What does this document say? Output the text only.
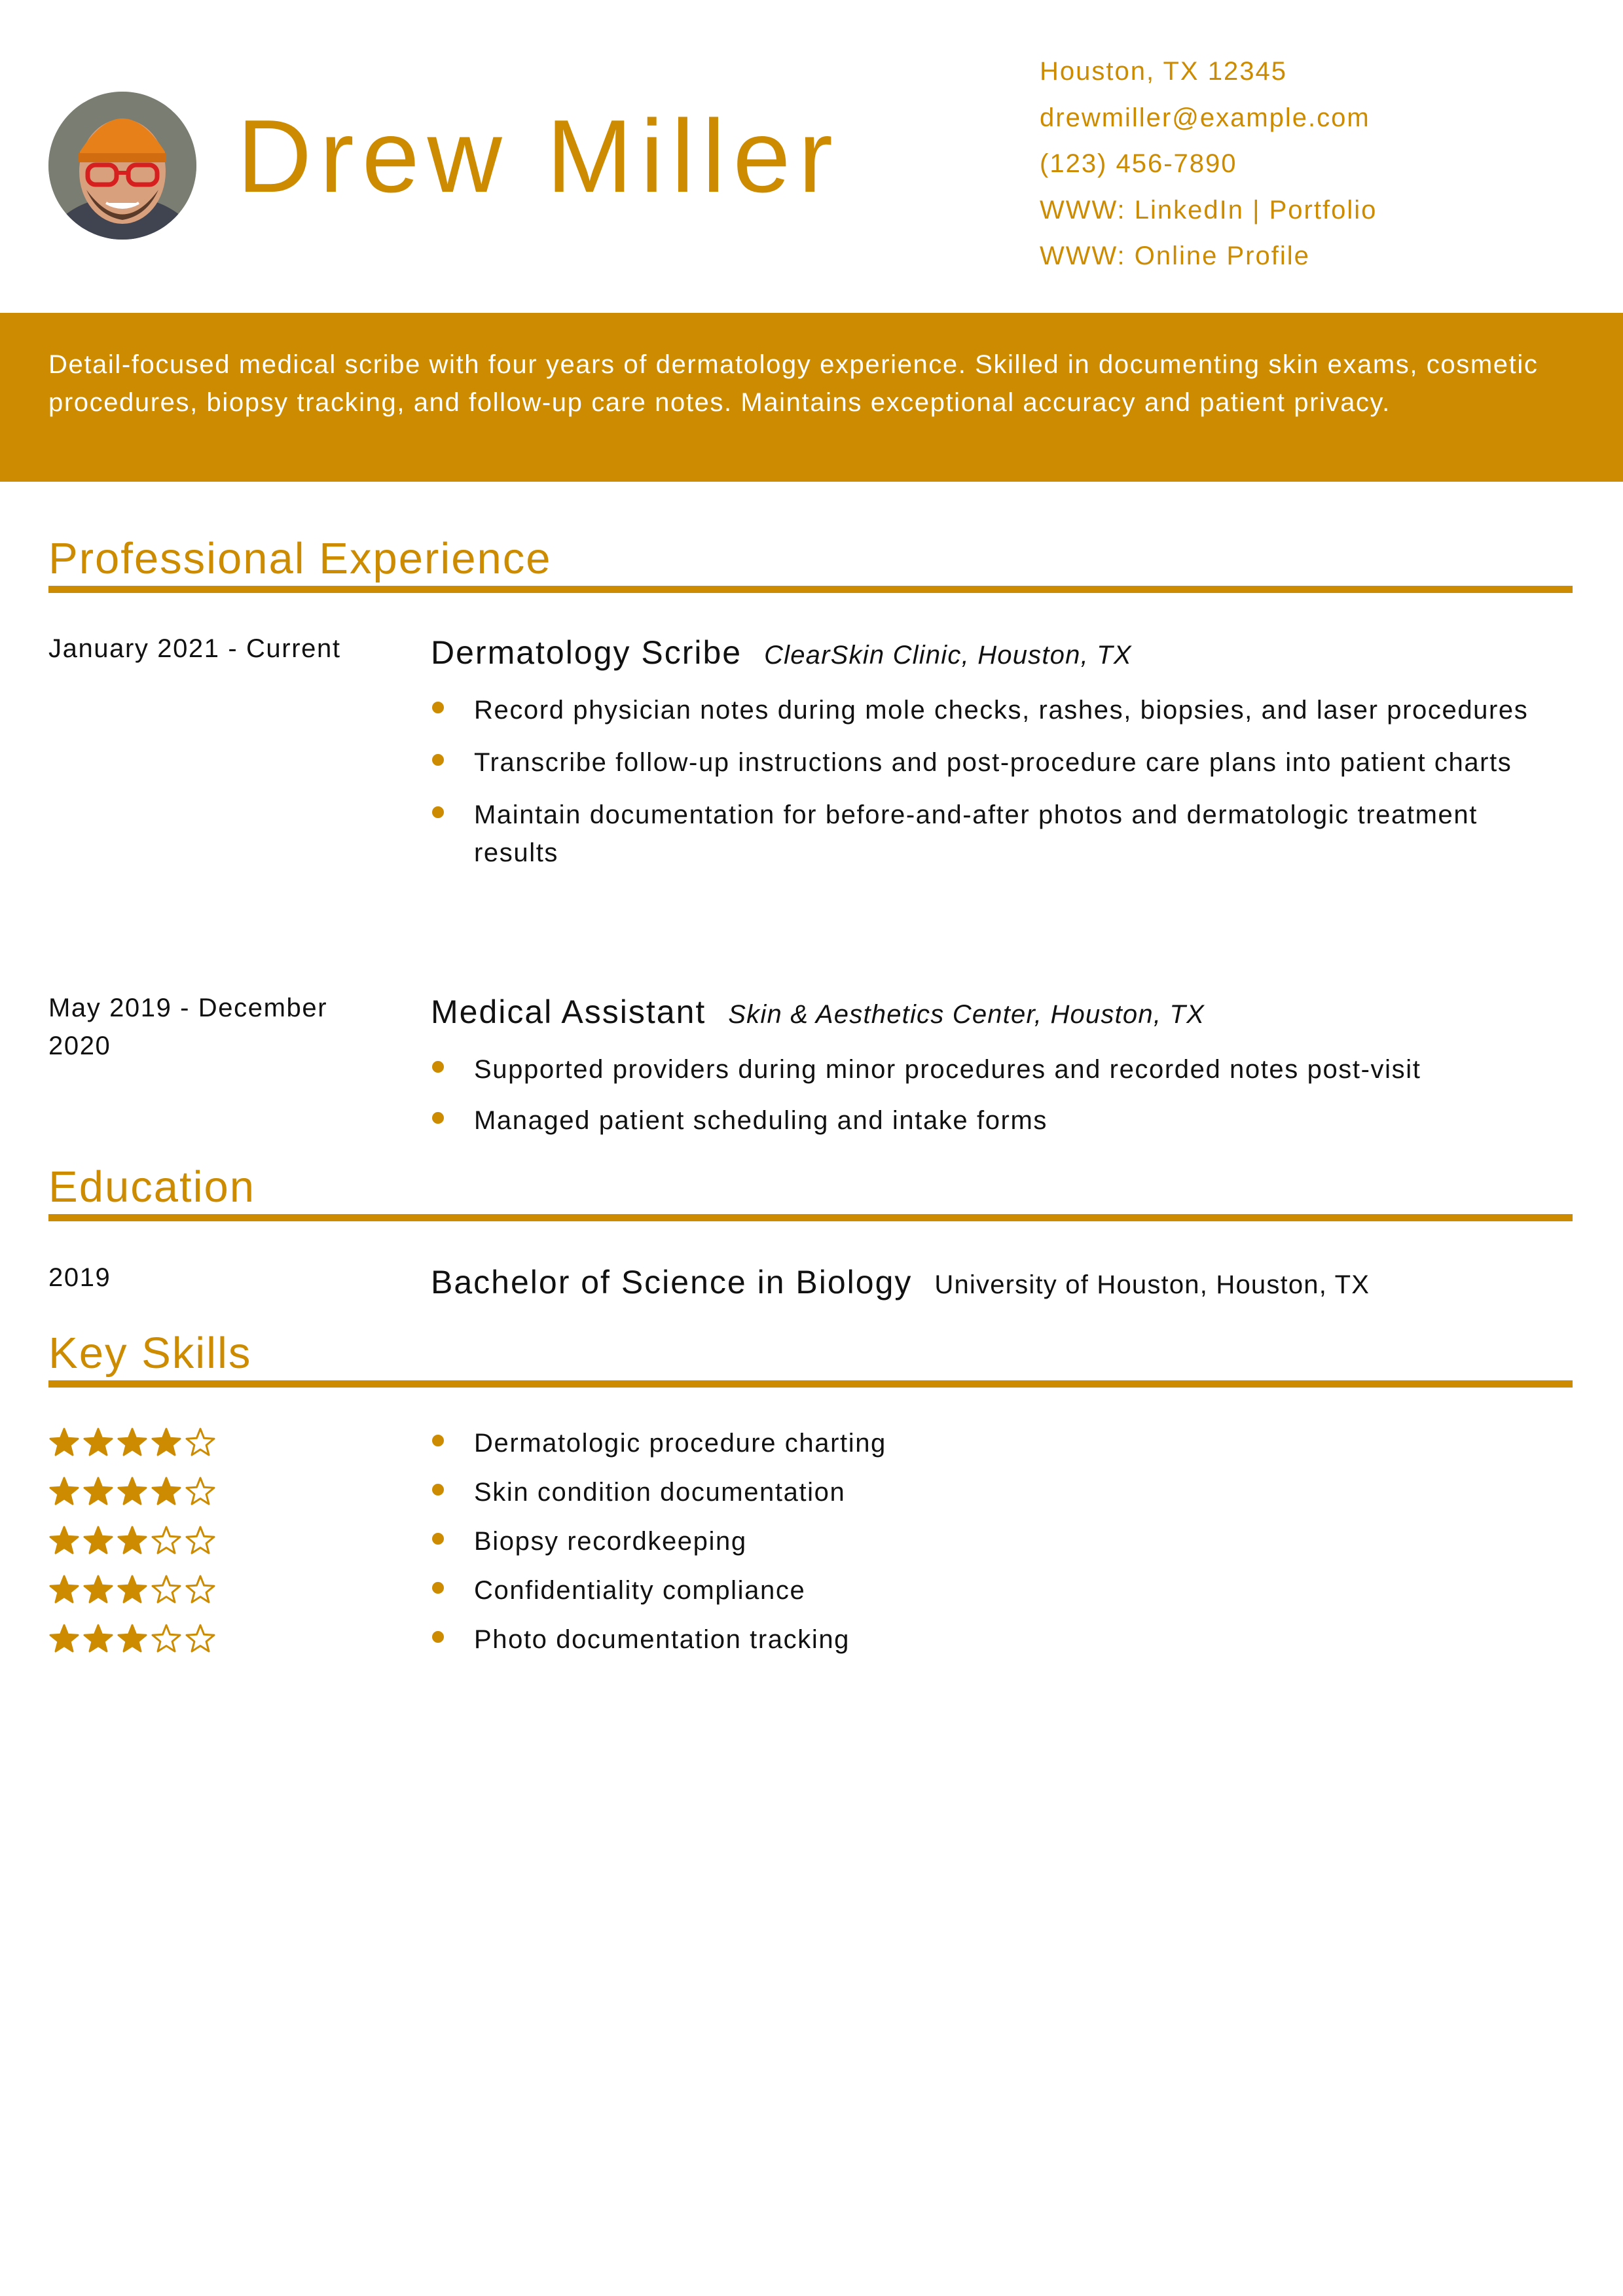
Drew Miller
Houston, TX 12345
drewmiller@example.com
(123) 456-7890
WWW: LinkedIn | Portfolio
WWW: Online Profile

Detail-focused medical scribe with four years of dermatology experience. Skilled in documenting skin exams, cosmetic procedures, biopsy tracking, and follow-up care notes. Maintains exceptional accuracy and patient privacy.

Professional Experience
January 2021 - Current	Dermatology Scribe ClearSkin Clinic, Houston, TX
Record physician notes during mole checks, rashes, biopsies, and laser procedures
Transcribe follow-up instructions and post-procedure care plans into patient charts
Maintain documentation for before-and-after photos and dermatologic treatment results
May 2019 - December 2020
Medical Assistant Skin & Aesthetics Center, Houston, TX
Supported providers during minor procedures and recorded notes post-visit
Managed patient scheduling and intake forms
Education
2019	Bachelor of Science in Biology University of Houston, Houston, TX
Key Skills
Dermatologic procedure charting
Skin condition documentation
Biopsy recordkeeping
Confidentiality compliance
Photo documentation tracking
